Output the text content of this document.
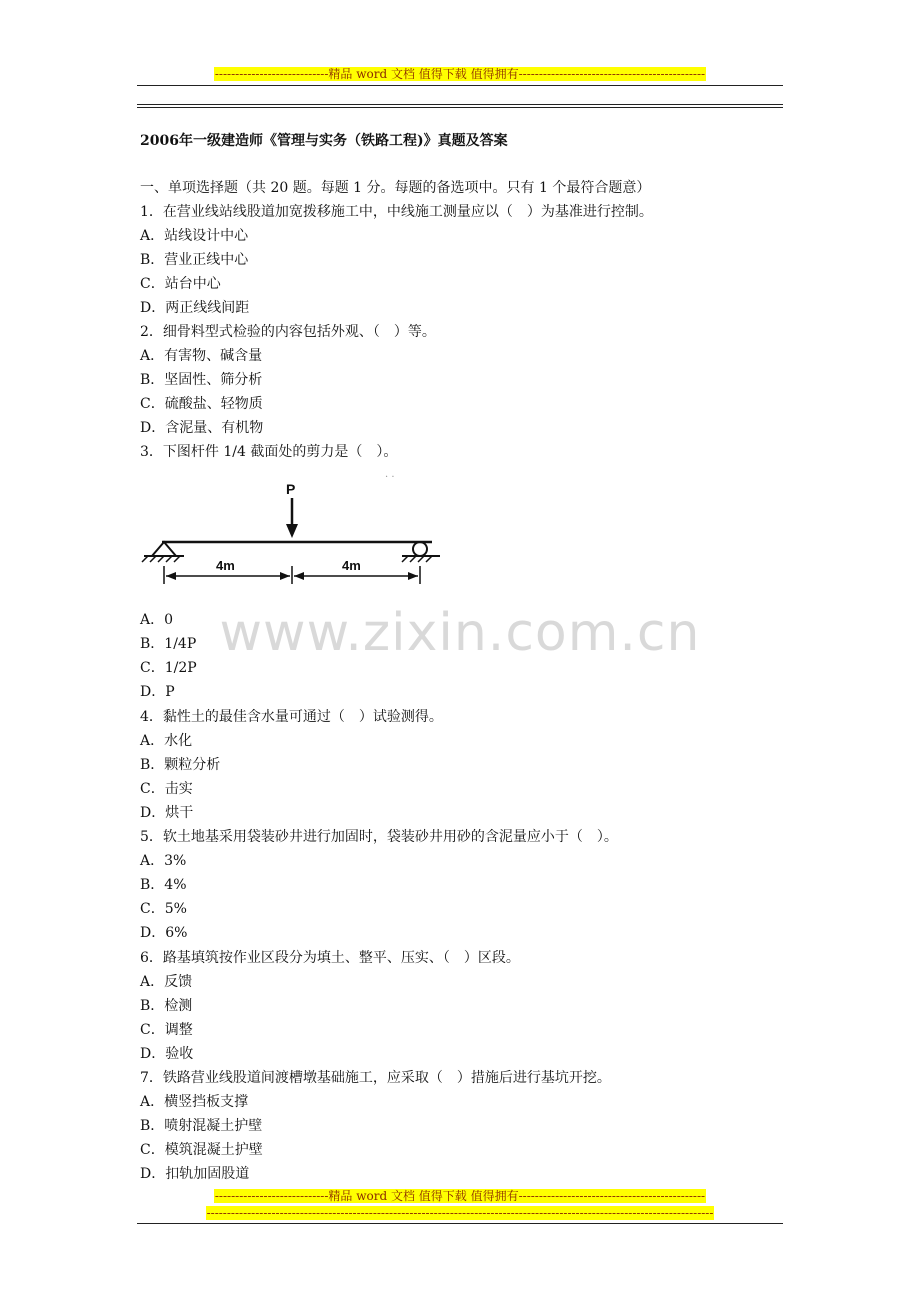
----------------------------精品 word 文档 值得下载 值得拥有----------------------------------------------
2006年一级建造师《管理与实务（铁路工程)》真题及答案
一、单项选择题（共 20 题。每题 1 分。每题的备选项中。只有 1 个最符合题意）
1．在营业线站线股道加宽拨移施工中，中线施工测量应以（　）为基准进行控制。
A．站线设计中心
B．营业正线中心
C．站台中心
D．两正线线间距
2．细骨料型式检验的内容包括外观、（　）等。
A．有害物、碱含量
B．坚固性、筛分析
C．硫酸盐、轻物质
D．含泥量、有机物
3．下图杆件 1/4 截面处的剪力是（　）。
· ·
P
4m	4m
A．0
B．1/4P
C．1/2P
D．P
www.zixin.com.cn
4．黏性土的最佳含水量可通过（　）试验测得。
A．水化
B．颗粒分析
C．击实
D．烘干
5．软土地基采用袋装砂井进行加固时，袋装砂井用砂的含泥量应小于（　）。
A．3%
B．4%
C．5%
D．6%
6．路基填筑按作业区段分为填土、整平、压实、（　）区段。
A．反馈
B．检测
C．调整
D．验收
7．铁路营业线股道间渡槽墩基础施工，应采取（　）措施后进行基坑开挖。
A．横竖挡板支撑
B．喷射混凝土护壁
C．模筑混凝土护壁
D．扣轨加固股道
----------------------------精品 word 文档 值得下载 值得拥有----------------------------------------------
-----------------------------------------------------------------------------------------------------------------------------
